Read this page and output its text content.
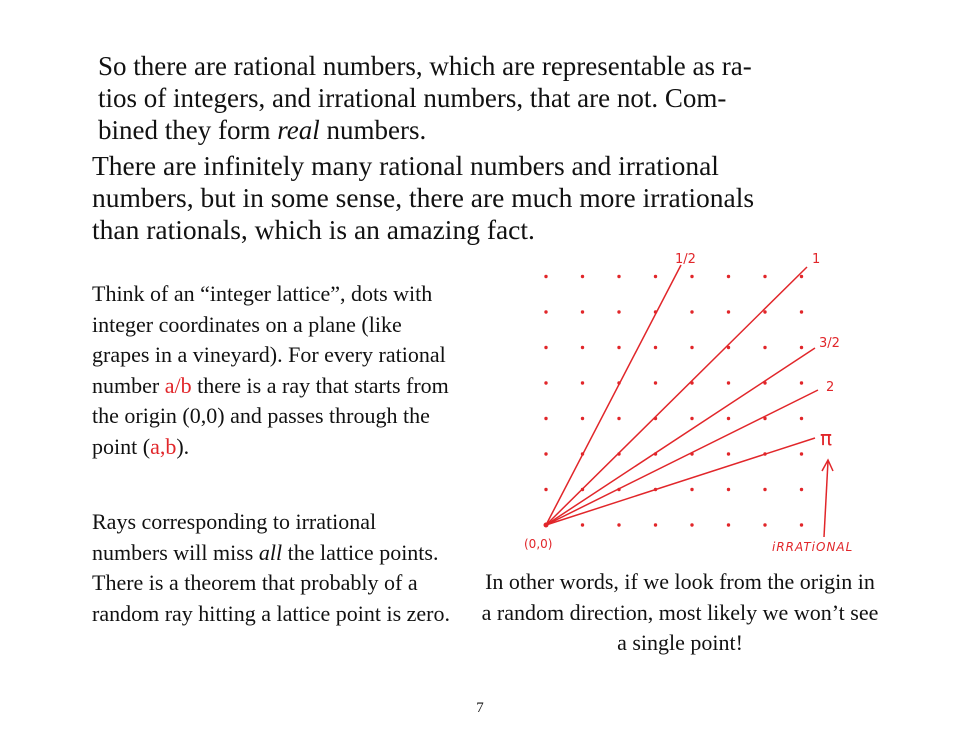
So there are rational numbers, which are representable as ra-
tios of integers, and irrational numbers, that are not. Com-
bined they form real numbers.

There are infinitely many rational numbers and irrational
numbers, but in some sense, there are much more irrationals
than rationals, which is an amazing fact.

Think of an “integer lattice”, dots with integer coordinates on a plane (like grapes in a vineyard). For every rational number a/b there is a ray that starts from the origin (0,0) and passes through the point (a,b).

Rays corresponding to irrational numbers will miss all the lattice points. There is a theorem that probably of a random ray hitting a lattice point is zero.

In other words, if we look from the origin in a random direction, most likely we won’t see a single point!

7
1/2	1
3/2
2
π
(0,0)	iRRATiONAL
